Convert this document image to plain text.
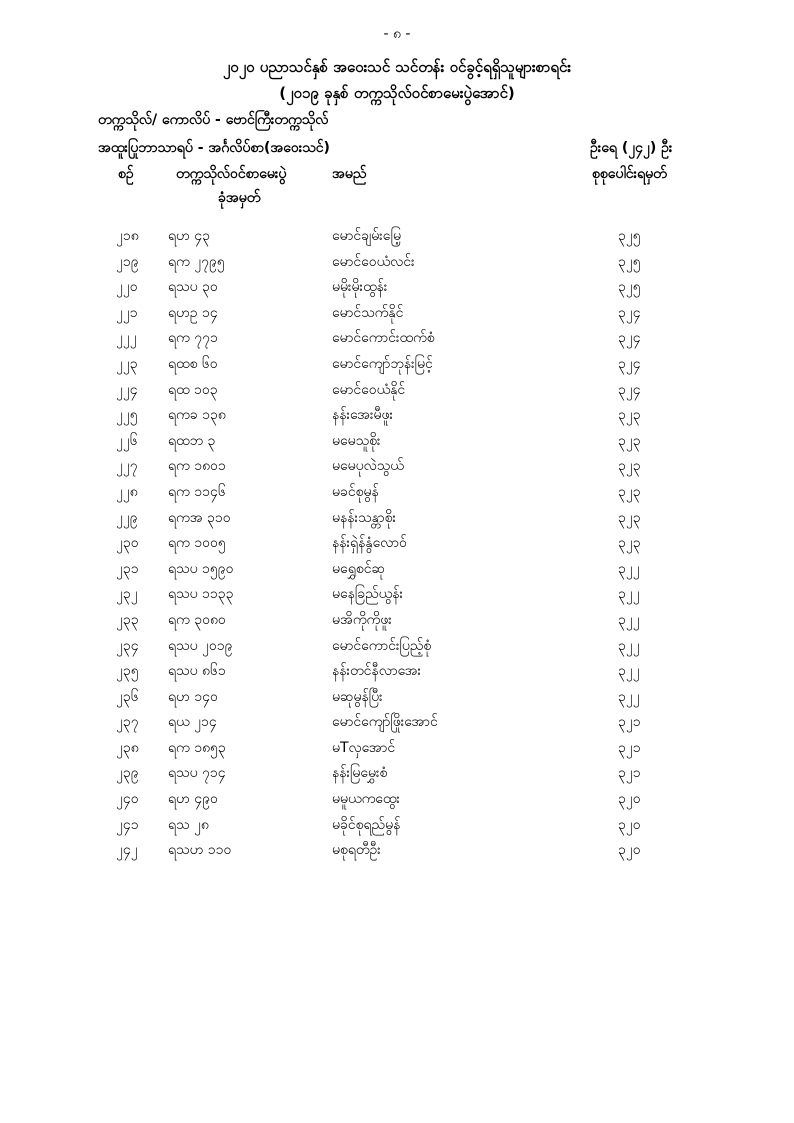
- ၈ -
၂၀၂၀ ပညာသင်နှစ် အဝေးသင် သင်တန်း ဝင်ခွင့်ရရှိသူများစာရင်း
(၂၀၁၉ ခုနှစ် တက္ကသိုလ်ဝင်စာမေးပွဲအောင်)
တက္ကသိုလ်/ ကောလိပ် - ဗောင်ကြီးတက္ကသိုလ်
အထူးပြုဘာသာရပ် - အင်္ဂလိပ်စာ(အဝေးသင်)	ဦးရေ (၂၄၂) ဦး
စဉ်	တက္ကသိုလ်ဝင်စာမေးပွဲ
ခုံအမှတ်
အမည်	စုစုပေါင်းရမှတ်
၂၁၈ ရဟ ၄၃	မောင်ချမ်းမြေ့	၃၂၅
၂၁၉ ရက ၂၇၉၅	မောင်ဝေယံလင်း	၃၂၅
၂၂၀ ရသပ ၃၀	မမိုးမိုးထွန်း	၃၂၅
၂၂၁ ရဟဥ ၁၄	မောင်သက်နိုင်	၃၂၄
၂၂၂ ရက ၇၇၁	မောင်ကောင်းထက်စံ	၃၂၄
၂၂၃ ရထစ ၆၀	မောင်ကျော်ဘုန်းမြင့်	၃၂၄
၂၂၄ ရထ ၁၀၃	မောင်ဝေယံနိုင်	၃၂၄
၂၂၅ ရကခ ၁၃၈	နန်းအေးမီဖူး	၃၂၃
၂၂၆ ရထဘ ၃	မမေသူစိုး	၃၂၃
၂၂၇ ရက ၁၈၀၁	မမေပုလဲသွယ်	၃၂၃
၂၂၈ ရက ၁၁၄၆	မခင်စုမွန်	၃၂၃
၂၂၉ ရကအ ၃၁၀	မနန်းသန္တာစိုး	၃၂၃
၂၃၀ ရက ၁၀၀၅	နန်းရှဲန်နွံလောဝ်	၃၂၃
၂၃၁ ရသပ ၁၅၉၀	မရွှေစင်ဆု	၃၂၂
၂၃၂ ရသပ ၁၁၃၃	မနေခြည်ယွန်း	၃၂၂
၂၃၃ ရက ၃၀၈၀	မအိကိုကိုဖူး	၃၂၂
၂၃၄ ရသပ ၂၀၁၉	မောင်ကောင်းပြည့်စုံ	၃၂၂
၂၃၅ ရသပ ၈၆၁	နန်းတင်နီလာအေး	၃၂၂
၂၃၆ ရဟ ၁၄၀	မဆုမွန်ပြီး	၃၂၂
၂၃၇ ရယ ၂၁၄	မောင်ကျော်ဖြိုးအောင်	၃၂၁
၂၃၈ ရက ၁၈၅၃	မTလှအောင်	၃၂၁
၂၃၉ ရသပ ၇၁၄	နန်းမြမွှေးစံ	၃၂၁
၂၄၀ ရဟ ၄၉၀	မမူယကထွေး	၃၂၀
၂၄၁ ရသ ၂၈	မခိုင်စုရည်မွန်	၃၂၀
၂၄၂ ရသဟ ၁၁၀	မစုရတီဦး	၃၂၀
